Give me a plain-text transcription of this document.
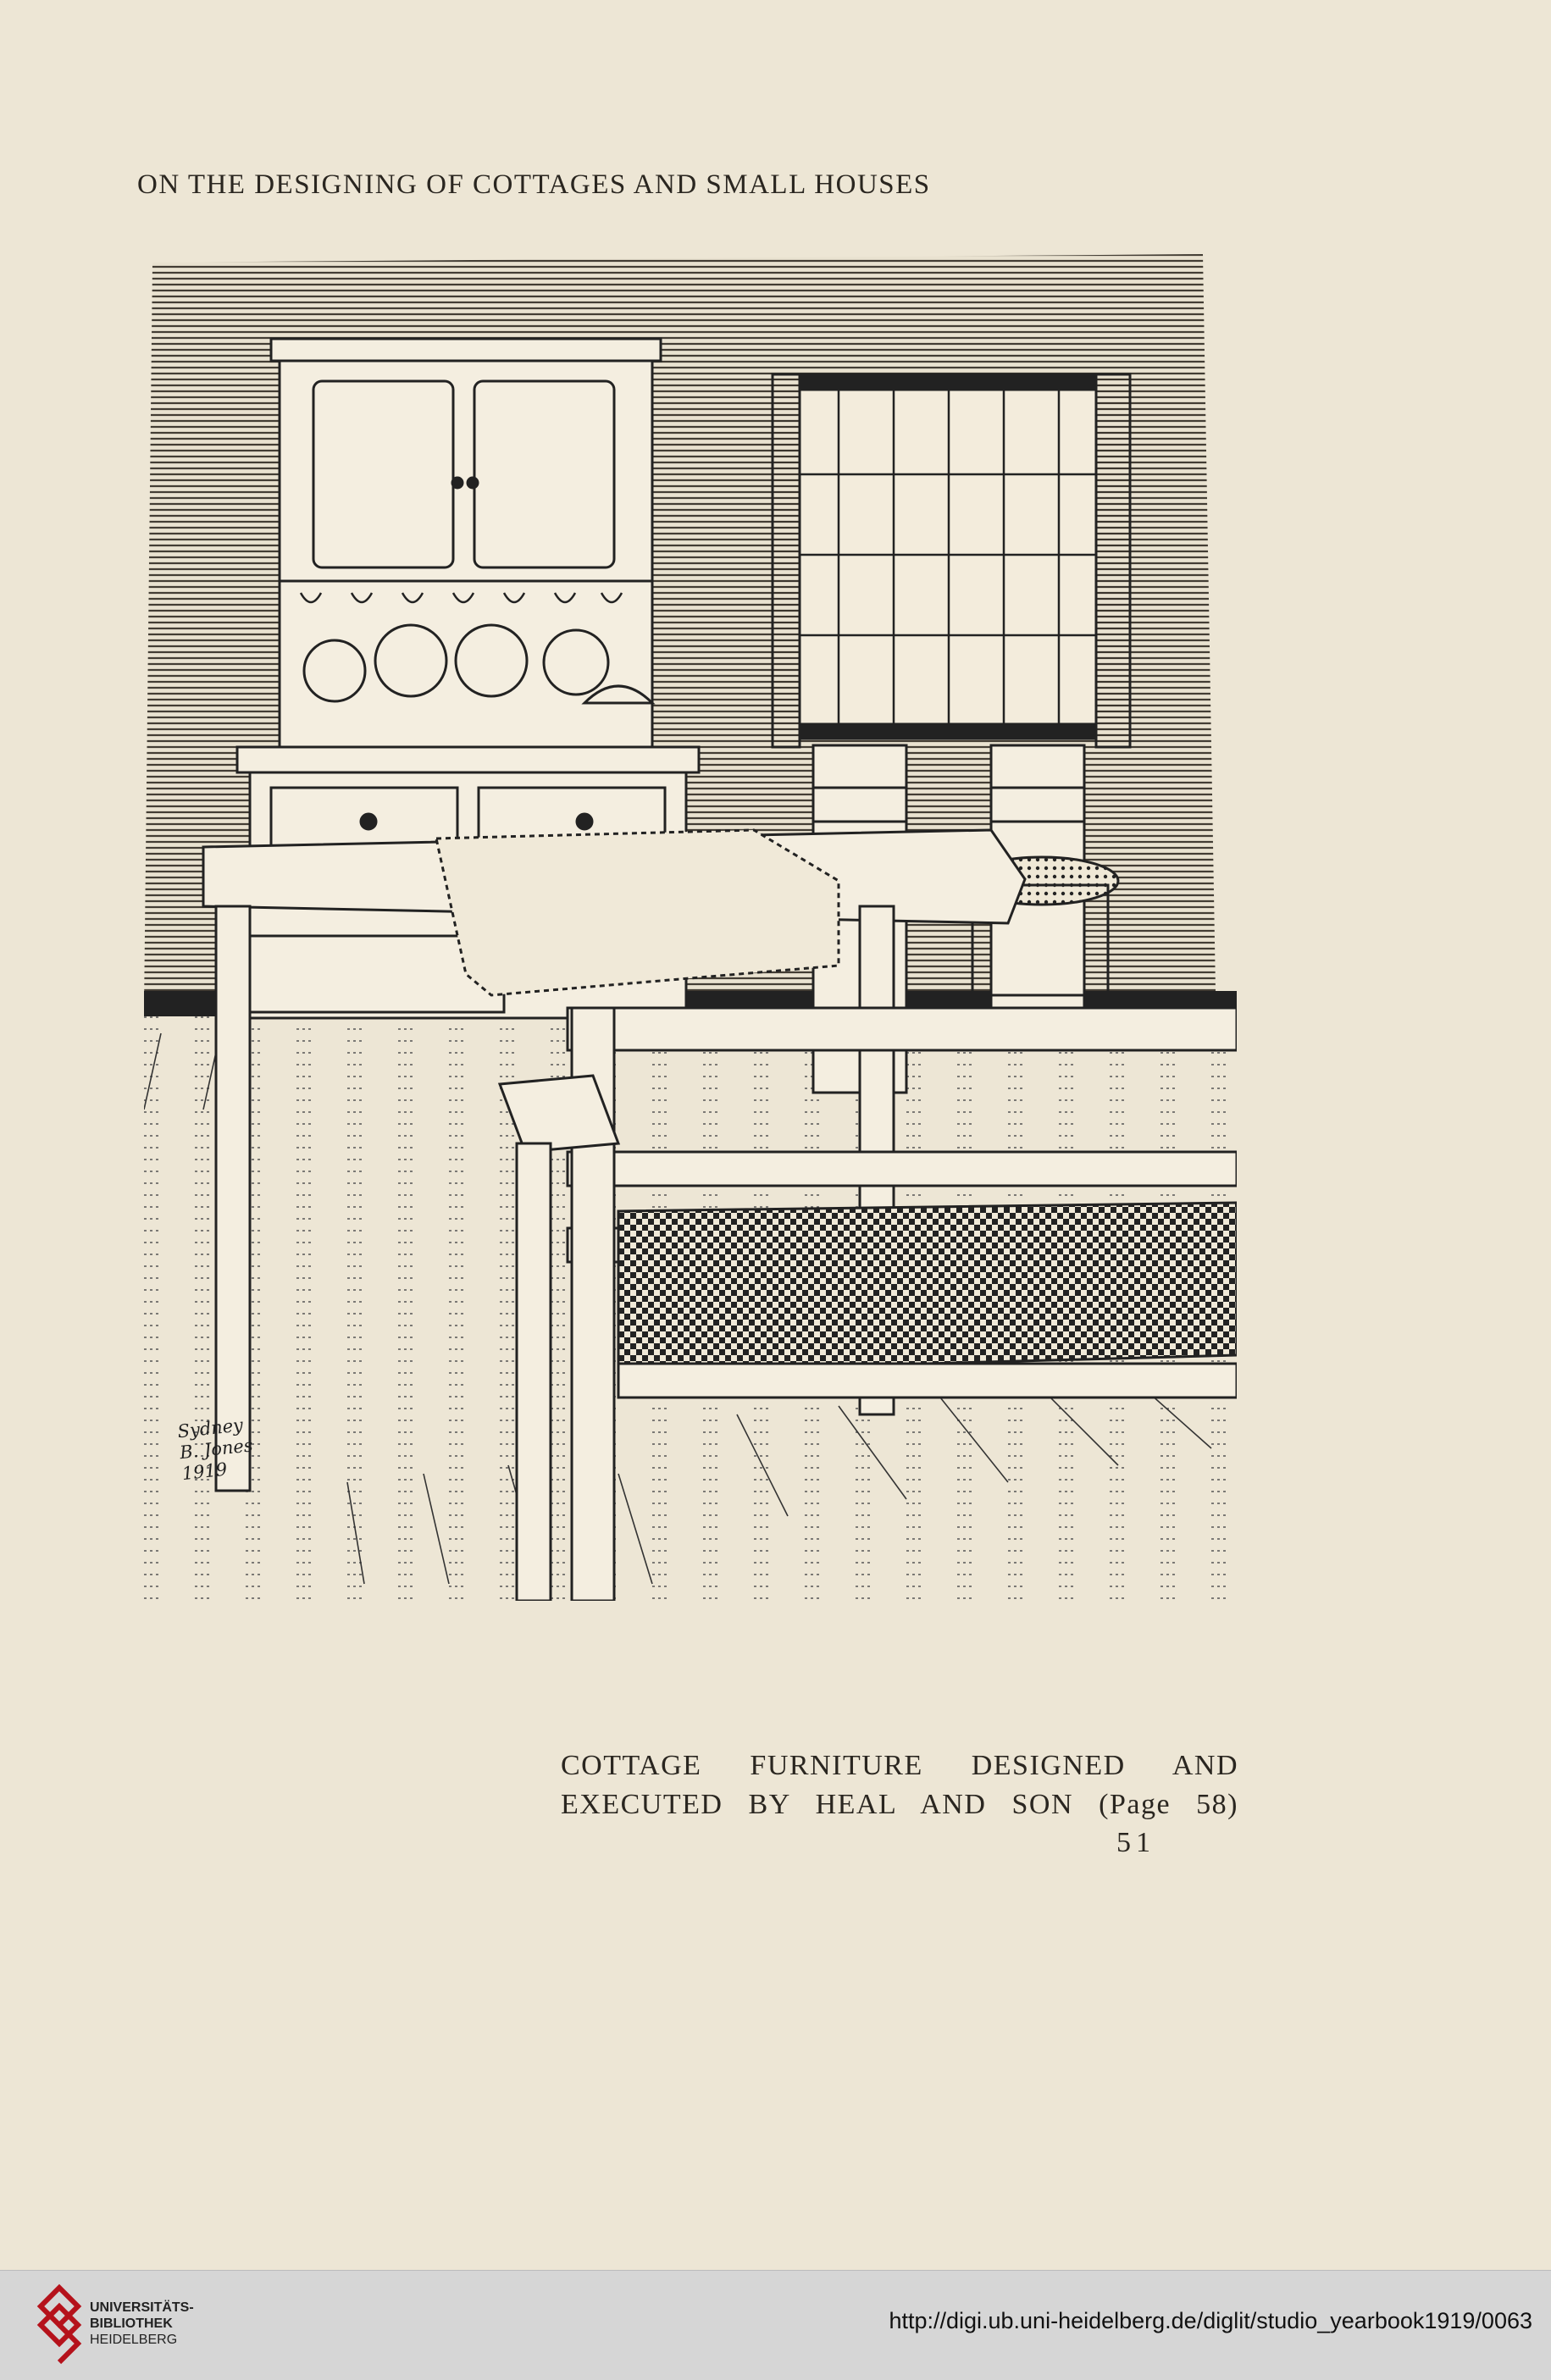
ON THE DESIGNING OF COTTAGES AND SMALL HOUSES
Sydney
B. Jones
1919
COTTAGE FURNITURE DESIGNED AND
EXECUTED BY HEAL AND SON (Page 58)
51
UNIVERSITÄTS-
BIBLIOTHEK
HEIDELBERG
http://digi.ub.uni-heidelberg.de/diglit/studio_yearbook1919/0063
